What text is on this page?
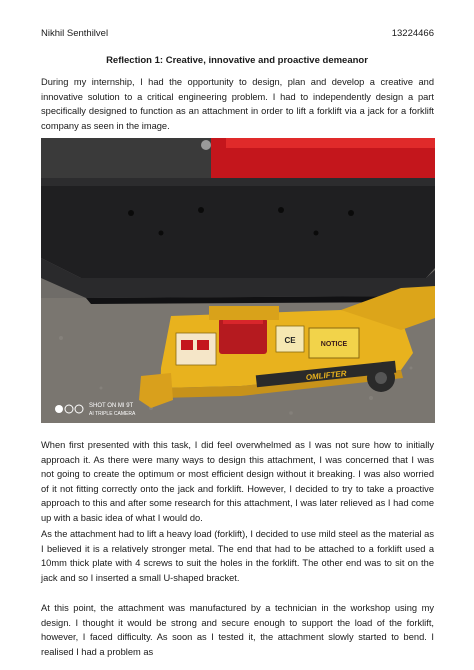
Nikhil Senthilvel	13224466
Reflection 1: Creative, innovative and proactive demeanor

During my internship, I had the opportunity to design, plan and develop a creative and innovative solution to a critical engineering problem. I had to independently design a part specifically designed to function as an attachment in order to lift a forklift via a jack for a forklift company as seen in the image.

NOTICE
CE
OMLIFTER
SHOT ON MI 9T
AI TRIPLE CAMERA

When first presented with this task, I did feel overwhelmed as I was not sure how to initially approach it. As there were many ways to design this attachment, I was concerned that I was not going to create the optimum or most efficient design without it breaking. I was also worried of it not fitting correctly onto the jack and forklift. However, I decided to try to take a proactive approach to this and after some research for this attachment, I was later relieved as I had come up with a basic idea of what I would do.

As the attachment had to lift a heavy load (forklift), I decided to use mild steel as the material as I believed it is a relatively stronger metal. The end that had to be attached to a forklift used a 10mm thick plate with 4 screws to suit the holes in the forklift. The other end was to sit on the jack and so I inserted a small U-shaped bracket.

At this point, the attachment was manufactured by a technician in the workshop using my design. I thought it would be strong and secure enough to support the load of the forklift, however, I faced difficulty. As soon as I tested it, the attachment slowly started to bend. I realised I had a problem as
